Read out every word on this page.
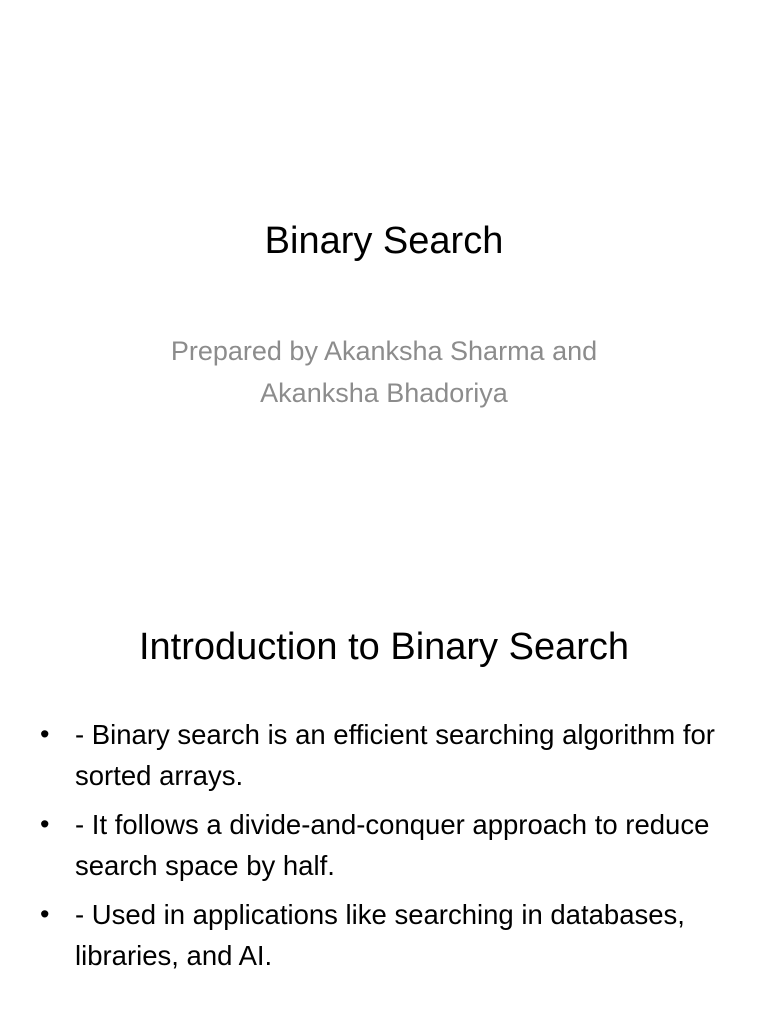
Binary Search
Prepared by Akanksha Sharma and
Akanksha Bhadoriya
Introduction to Binary Search
• - Binary search is an efficient searching algorithm for sorted arrays.
• - It follows a divide-and-conquer approach to reduce search space by half.
• - Used in applications like searching in databases, libraries, and AI.
